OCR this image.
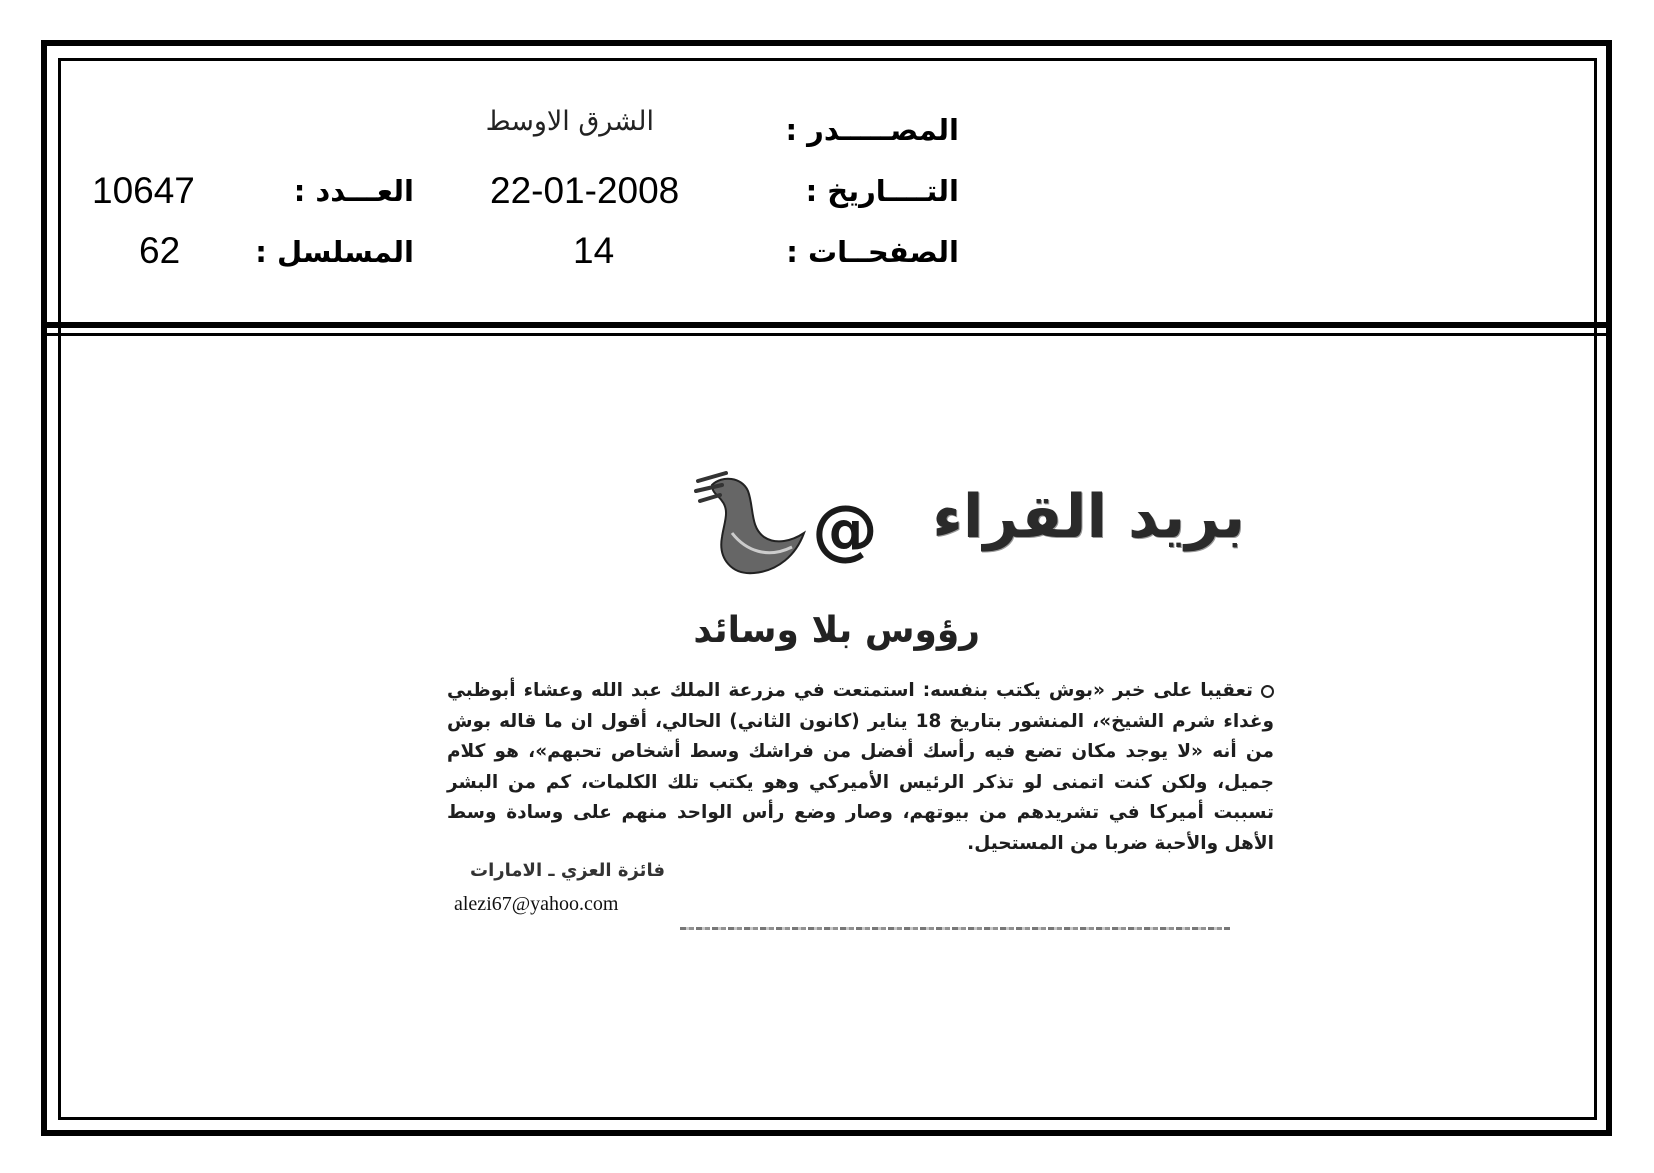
المصـــــدر :
التــــاريخ :
الصفحــات :
الشرق الاوسط
22-01-2008
14
العـــدد :
المسلسل :
10647
62
@ بريد القراء
رؤوس بلا وسائد

تعقيبا على خبر «بوش يكتب بنفسه: استمتعت في مزرعة الملك عبد الله وعشاء أبوظبي وغداء شرم الشيخ»، المنشور بتاريخ 18 يناير (كانون الثاني) الحالي، أقول ان ما قاله بوش من أنه «لا يوجد مكان تضع فيه رأسك أفضل من فراشك وسط أشخاص تحبهم»، هو كلام جميل، ولكن كنت اتمنى لو تذكر الرئيس الأميركي وهو يكتب تلك الكلمات، كم من البشر تسببت أميركا في تشريدهم من بيوتهم، وصار وضع رأس الواحد منهم على وسادة وسط الأهل والأحبة ضربا من المستحيل.

فائزة العزي ـ الامارات
alezi67@yahoo.com
